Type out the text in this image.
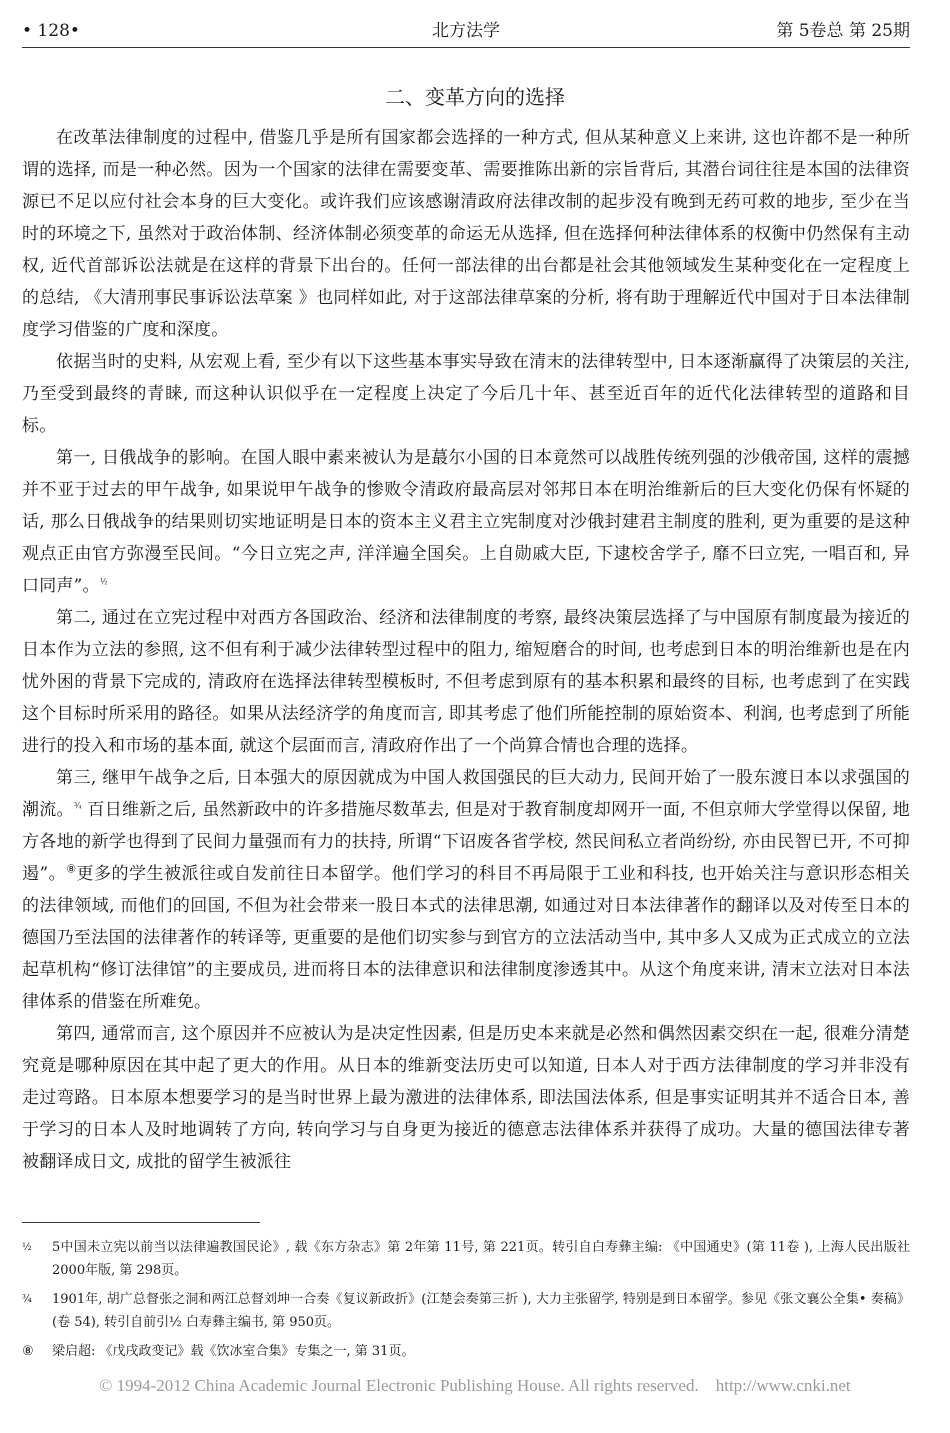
• 128•	北方法学	第 5卷总 第 25期
二、变革方向的选择

在改革法律制度的过程中, 借鉴几乎是所有国家都会选择的一种方式, 但从某种意义上来讲, 这也许都不是一种所谓的选择, 而是一种必然。因为一个国家的法律在需要变革、需要推陈出新的宗旨背后, 其潜台词往往是本国的法律资源已不足以应付社会本身的巨大变化。或许我们应该感谢清政府法律改制的起步没有晚到无药可救的地步, 至少在当时的环境之下, 虽然对于政治体制、经济体制必须变革的命运无从选择, 但在选择何种法律体系的权衡中仍然保有主动权, 近代首部诉讼法就是在这样的背景下出台的。任何一部法律的出台都是社会其他领域发生某种变化在一定程度上的总结, 《大清刑事民事诉讼法草案 》也同样如此, 对于这部法律草案的分析, 将有助于理解近代中国对于日本法律制度学习借鉴的广度和深度。

依据当时的史料, 从宏观上看, 至少有以下这些基本事实导致在清末的法律转型中, 日本逐渐赢得了决策层的关注, 乃至受到最终的青睐, 而这种认识似乎在一定程度上决定了今后几十年、甚至近百年的近代化法律转型的道路和目标。

第一, 日俄战争的影响。在国人眼中素来被认为是蕞尔小国的日本竟然可以战胜传统列强的沙俄帝国, 这样的震撼并不亚于过去的甲午战争, 如果说甲午战争的惨败令清政府最高层对邻邦日本在明治维新后的巨大变化仍保有怀疑的话, 那么日俄战争的结果则切实地证明是日本的资本主义君主立宪制度对沙俄封建君主制度的胜利, 更为重要的是这种观点正由官方弥漫至民间。“今日立宪之声, 洋洋遍全国矣。上自勋戚大臣, 下逮校舍学子, 靡不曰立宪, 一唱百和, 异口同声”。$^{\frac{1}{2}}$

第二, 通过在立宪过程中对西方各国政治、经济和法律制度的考察, 最终决策层选择了与中国原有制度最为接近的日本作为立法的参照, 这不但有利于减少法律转型过程中的阻力, 缩短磨合的时间, 也考虑到日本的明治维新也是在内忧外困的背景下完成的, 清政府在选择法律转型模板时, 不但考虑到原有的基本积累和最终的目标, 也考虑到了在实践这个目标时所采用的路径。如果从法经济学的角度而言, 即其考虑了他们所能控制的原始资本、利润, 也考虑到了所能进行的投入和市场的基本面, 就这个层面而言, 清政府作出了一个尚算合情也合理的选择。

第三, 继甲午战争之后, 日本强大的原因就成为中国人救国强民的巨大动力, 民间开始了一股东渡日本以求强国的潮流。$^{\frac{3}{4}}$ 百日维新之后, 虽然新政中的许多措施尽数革去, 但是对于教育制度却网开一面, 不但京师大学堂得以保留, 地方各地的新学也得到了民间力量强而有力的扶持, 所谓“下诏废各省学校, 然民间私立者尚纷纷, 亦由民智已开, 不可抑遏”。⑧更多的学生被派往或自发前往日本留学。他们学习的科目不再局限于工业和科技, 也开始关注与意识形态相关的法律领域, 而他们的回国, 不但为社会带来一股日本式的法律思潮, 如通过对日本法律著作的翻译以及对传至日本的德国乃至法国的法律著作的转译等, 更重要的是他们切实参与到官方的立法活动当中, 其中多人又成为正式成立的立法起草机构“修订法律馆”的主要成员, 进而将日本的法律意识和法律制度渗透其中。从这个角度来讲, 清末立法对日本法律体系的借鉴在所难免。

第四, 通常而言, 这个原因并不应被认为是决定性因素, 但是历史本来就是必然和偶然因素交织在一起, 很难分清楚究竟是哪种原因在其中起了更大的作用。从日本的维新变法历史可以知道, 日本人对于西方法律制度的学习并非没有走过弯路。日本原本想要学习的是当时世界上最为激进的法律体系, 即法国法体系, 但是事实证明其并不适合日本, 善于学习的日本人及时地调转了方向, 转向学习与自身更为接近的德意志法律体系并获得了成功。大量的德国法律专著被翻译成日文, 成批的留学生被派往

½ 5中国未立宪以前当以法律遍教国民论》, 载《东方杂志》第 2年第 11号, 第 221页。转引自白寿彝主编: 《中国通史》(第 11卷 ), 上海人民出版社 2000年版, 第 298页。
¾ 1901年, 胡广总督张之洞和两江总督刘坤一合奏《复议新政折》(江楚会奏第三折 ), 大力主张留学, 特别是到日本留学。参见《张文襄公全集• 奏稿》(卷 54), 转引自前引½ 白寿彝主编书, 第 950页。
⑧ 梁启超: 《戊戌政变记》载《饮冰室合集》专集之一, 第 31页。
© 1994-2012 China Academic Journal Electronic Publishing House. All rights reserved.    http://www.cnki.net
